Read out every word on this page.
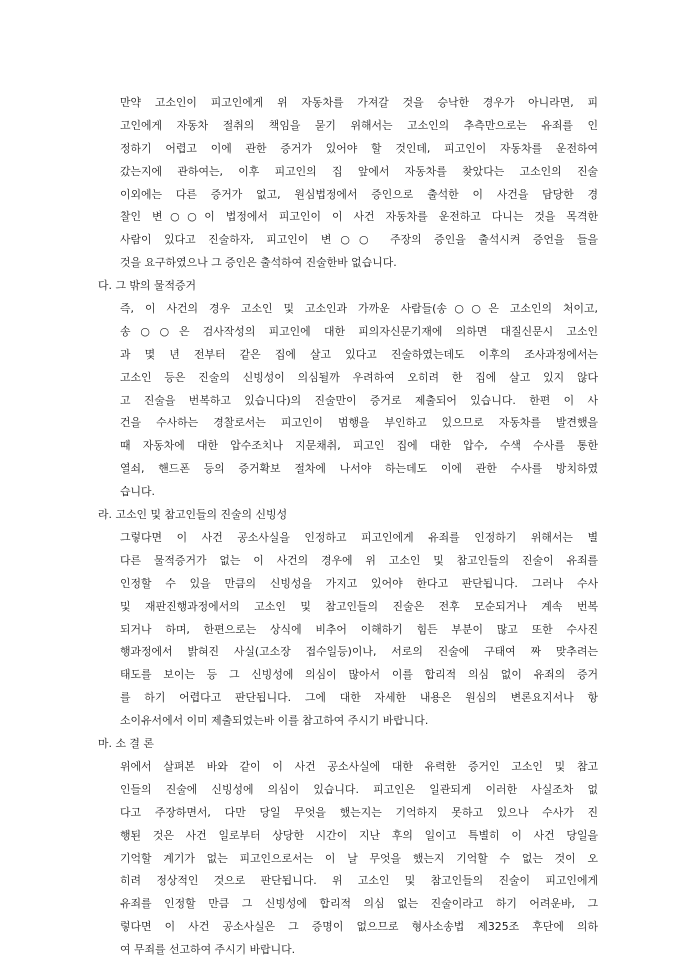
만약 고소인이 피고인에게 위 자동차를 가져갈 것을 승낙한 경우가 아니라면, 피
고인에게 자동차 절취의 책임을 묻기 위해서는 고소인의 추측만으로는 유죄를 인
정하기 어렵고 이에 관한 증거가 있어야 할 것인데, 피고인이 자동차를 운전하여
갔는지에 관하여는, 이후 피고인의 집 앞에서 자동차를 찾았다는 고소인의 진술
이외에는 다른 증거가 없고, 원심법정에서 증인으로 출석한 이 사건을 담당한 경
찰인 변○○이 법정에서 피고인이 이 사건 자동차를 운전하고 다니는 것을 목격한
사람이 있다고 진술하자, 피고인이 변○○ 주장의 증인을 출석시켜 증언을 들을
것을 요구하였으나 그 증인은 출석하여 진술한바 없습니다.
다. 그 밖의 물적증거
즉, 이 사건의 경우 고소인 및 고소인과 가까운 사람들(송○○은 고소인의 처이고,
송○○은 검사작성의 피고인에 대한 피의자신문기재에 의하면 대질신문시 고소인
과 몇 년 전부터 같은 집에 살고 있다고 진술하였는데도 이후의 조사과정에서는
고소인 등은 진술의 신빙성이 의심될까 우려하여 오히려 한 집에 살고 있지 않다
고 진술을 번복하고 있습니다)의 진술만이 증거로 제출되어 있습니다. 한편 이 사
건을 수사하는 경찰로서는 피고인이 범행을 부인하고 있으므로 자동차를 발견했을
때 자동차에 대한 압수조치나 지문채취, 피고인 집에 대한 압수, 수색 수사를 통한
열쇠, 핸드폰 등의 증거확보 절차에 나서야 하는데도 이에 관한 수사를 방치하였
습니다.
라. 고소인 및 참고인들의 진술의 신빙성
그렇다면 이 사건 공소사실을 인정하고 피고인에게 유죄를 인정하기 위해서는 별
다른 물적증거가 없는 이 사건의 경우에 위 고소인 및 참고인들의 진술이 유죄를
인정할 수 있을 만큼의 신빙성을 가지고 있어야 한다고 판단됩니다. 그러나 수사
및 재판진행과정에서의 고소인 및 참고인들의 진술은 전후 모순되거나 계속 번복
되거나 하며, 한편으로는 상식에 비추어 이해하기 힘든 부분이 많고 또한 수사진
행과정에서 밝혀진 사실(고소장 접수일등)이나, 서로의 진술에 구태여 짜 맞추려는
태도를 보이는 등 그 신빙성에 의심이 많아서 이를 합리적 의심 없이 유죄의 증거
를 하기 어렵다고 판단됩니다. 그에 대한 자세한 내용은 원심의 변론요지서나 항
소이유서에서 이미 제출되었는바 이를 참고하여 주시기 바랍니다.
마. 소 결 론
위에서 살펴본 바와 같이 이 사건 공소사실에 대한 유력한 증거인 고소인 및 참고
인들의 진술에 신빙성에 의심이 있습니다. 피고인은 일관되게 이러한 사실조차 없
다고 주장하면서, 다만 당일 무엇을 했는지는 기억하지 못하고 있으나 수사가 진
행된 것은 사건 일로부터 상당한 시간이 지난 후의 일이고 특별히 이 사건 당일을
기억할 계기가 없는 피고인으로서는 이 날 무엇을 했는지 기억할 수 없는 것이 오
히려 정상적인 것으로 판단됩니다. 위 고소인 및 참고인들의 진술이 피고인에게
유죄를 인정할 만큼 그 신빙성에 합리적 의심 없는 진술이라고 하기 어려운바, 그
렇다면 이 사건 공소사실은 그 증명이 없으므로 형사소송법 제325조 후단에 의하
여 무죄를 선고하여 주시기 바랍니다.
